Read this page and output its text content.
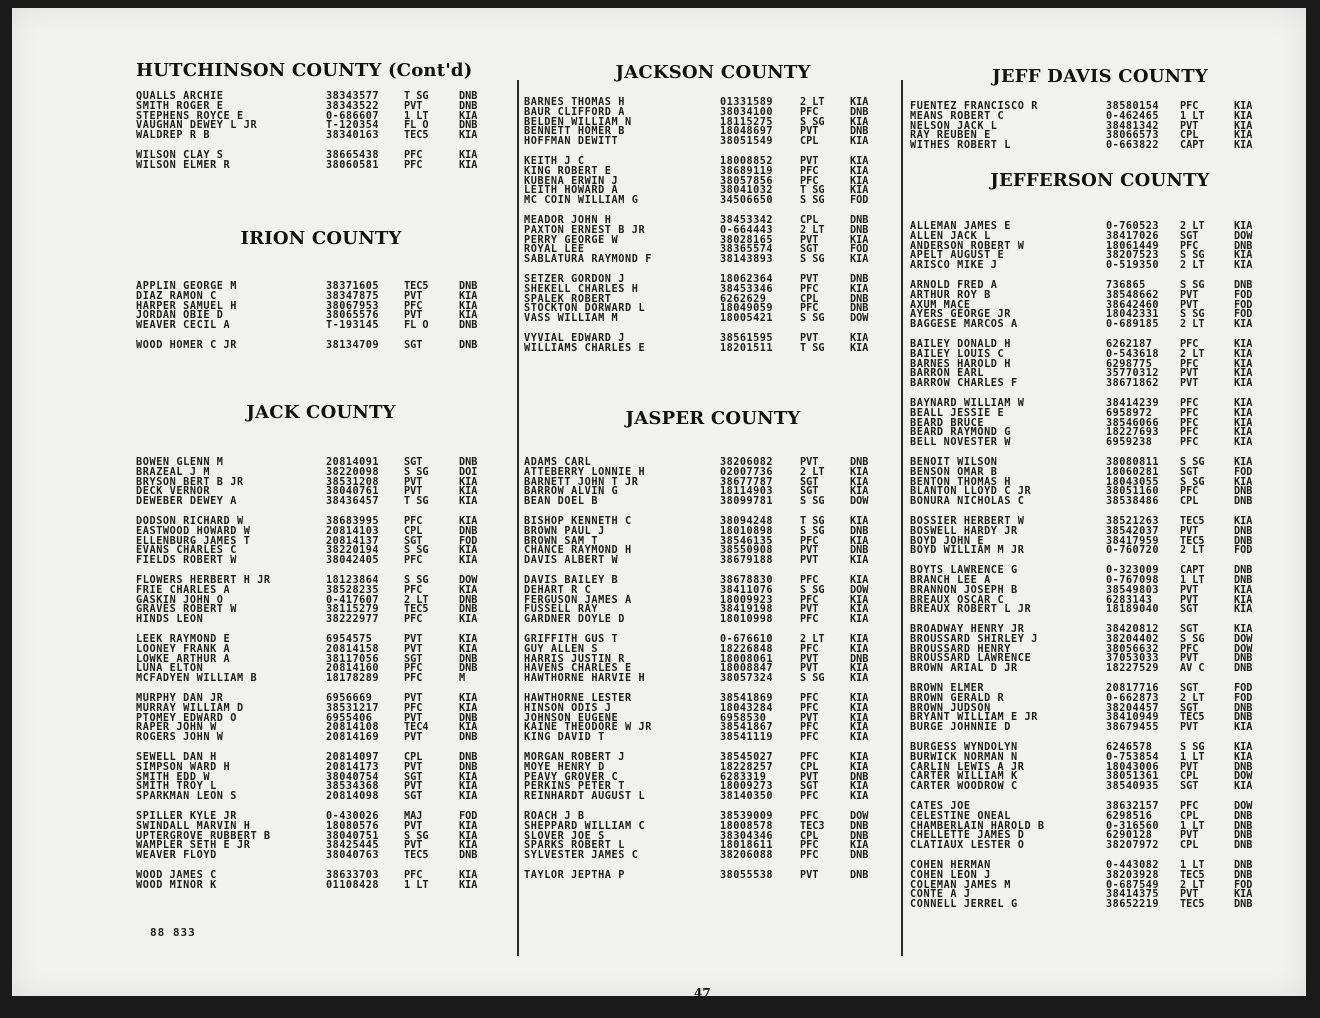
HUTCHINSON COUNTY (Cont'd)
QUALLS ARCHIE	38343577 T SG	DNB
SMITH ROGER E	38343522 PVT	DNB
STEPHENS ROYCE E	0-686607 1 LT	KIA
VAUGHAN DEWEY L JR	T-120354 FL O	DNB
WALDREP R B	38340163 TEC5	KIA
WILSON CLAY S	38665438 PFC	KIA
WILSON ELMER R	38060581 PFC	KIA
IRION COUNTY
APPLIN GEORGE M	38371605 TEC5	DNB
DIAZ RAMON C	38347875 PVT	KIA
HARPER SAMUEL H	38067953 PFC	KIA
JORDAN OBIE D	38065576 PVT	KIA
WEAVER CECIL A	T-193145 FL O	DNB
WOOD HOMER C JR	38134709 SGT	DNB
JACK COUNTY
BOWEN GLENN M	20814091 SGT	DNB
BRAZEAL J M	38220098 S SG	DOI
BRYSON BERT B JR	38531208 PVT	KIA
DECK VERNOR	38040761 PVT	KIA
DEWEBER DEWEY A	38436457 T SG	KIA
DODSON RICHARD W	38683995 PFC	KIA
EASTWOOD HOWARD W	20814103 CPL	DNB
ELLENBURG JAMES T	20814137 SGT	FOD
EVANS CHARLES C	38220194 S SG	KIA
FIELDS ROBERT W	38042405 PFC	KIA
FLOWERS HERBERT H JR	18123864 S SG	DOW
FRIE CHARLES A	38528235 PFC	KIA
GASKIN JOHN O	0-417607 2 LT	DNB
GRAVES ROBERT W	38115279 TEC5	DNB
HINDS LEON	38222977 PFC	KIA
LEEK RAYMOND E	6954575	PVT	KIA
LOONEY FRANK A	20814158 PVT	KIA
LOWKE ARTHUR A	38117056 SGT	DNB
LUNA ELTON	20814160 PFC	DNB
MCFADYEN WILLIAM B	18178289 PFC	M
MURPHY DAN JR	6956669	PVT	KIA
MURRAY WILLIAM D	38531217 PFC	KIA
PTOMEY EDWARD O	6955406	PVT	DNB
RAPER JOHN W	20814108 TEC4	KIA
ROGERS JOHN W	20814169 PVT	DNB
SEWELL DAN H	20814097 CPL	DNB
SIMPSON WARD H	20814173 PVT	DNB
SMITH EDD W	38040754 SGT	KIA
SMITH TROY L	38534368 PVT	KIA
SPARKMAN LEON S	20814098 SGT	KIA
SPILLER KYLE JR	0-430026 MAJ	FOD
SWINDALL MARVIN H	18080576 PVT	KIA
UPTERGROVE RUBBERT B	38040751 S SG	KIA
WAMPLER SETH E JR	38425445 PVT	KIA
WEAVER FLOYD	38040763 TEC5	DNB
WOOD JAMES C	38633703 PFC	KIA
WOOD MINOR K	01108428 1 LT	KIA
JACKSON COUNTY
BARNES THOMAS H	01331589	2 LT KIA
BAUR CLIFFORD A	38034100	PFC	DNB
BELDEN WILLIAM N	18115275	S SG KIA
BENNETT HOMER B	18048697	PVT	DNB
HOFFMAN DEWITT	38051549	CPL	KIA
KEITH J C	18008852	PVT	KIA
KING ROBERT E	38689119	PFC	KIA
KUBENA ERWIN J	38057856	PFC	KIA
LEITH HOWARD A	38041032	T SG KIA
MC COIN WILLIAM G	34506650	S SG FOD
MEADOR JOHN H	38453342	CPL	DNB
PAXTON ERNEST B JR	0-664443	2 LT DNB
PERRY GEORGE W	38028165	PVT	KIA
ROYAL LEE	38365574	SGT	FOD
SABLATURA RAYMOND F	38143893	S SG KIA
SETZER GORDON J	18062364	PVT	DNB
SHEKELL CHARLES H	38453346	PFC	KIA
SPALEK ROBERT	6262629	CPL	DNB
STOCKTON DORWARD L	18049059	PFC	DNB
VASS WILLIAM M	18005421	S SG DOW
VYVIAL EDWARD J	38561595	PVT	KIA
WILLIAMS CHARLES E	18201511	T SG KIA
JASPER COUNTY
ADAMS CARL	38206082	PVT	DNB
ATTEBERRY LONNIE H	02007736	2 LT KIA
BARNETT JOHN T JR	38677787	SGT	KIA
BARROW ALVIN G	18114903	SGT	KIA
BEAN DOEL B	38099781	S SG DOW
BISHOP KENNETH C	38094248	T SG KIA
BROWN PAUL J	18010898	S SG DNB
BROWN SAM T	38546135	PFC	KIA
CHANCE RAYMOND H	38550908	PVT	DNB
DAVIS ALBERT W	38679188	PVT	KIA
DAVIS BAILEY B	38678830	PFC	KIA
DEHART R C	38411076	S SG DOW
FERGUSON JAMES A	18009923	PFC	KIA
FUSSELL RAY	38419198	PVT	KIA
GARDNER DOYLE D	18010998	PFC	KIA
GRIFFITH GUS T	0-676610	2 LT KIA
GUY ALLEN S	18226848	PFC	KIA
HARRIS JUSTIN R	18008061	PVT	DNB
HAVENS CHARLES E	18008847	PVT	KIA
HAWTHORNE HARVIE H	38057324	S SG KIA
HAWTHORNE LESTER	38541869	PFC	KIA
HINSON ODIS J	18043284	PFC	KIA
JOHNSON EUGENE	6958530	PVT	KIA
KAINE THEODORE W JR	38541867	PFC	KIA
KING DAVID T	38541119	PFC	KIA
MORGAN ROBERT J	38545027	PFC	KIA
MOYE HENRY D	18228257	CPL	KIA
PEAVY GROVER C	6283319	PVT	DNB
PERKINS PETER T	18009273	SGT	KIA
REINHARDT AUGUST L	38140350	PFC	KIA
ROACH J B	38539009	PFC	DOW
SHEPPARD WILLIAM C	18008578	TEC3 DNB
SLOVER JOE S	38304346	CPL	DNB
SPARKS ROBERT L	18018611	PFC	KIA
SYLVESTER JAMES C	38206088	PFC	DNB
TAYLOR JEPTHA P	38055538	PVT	DNB
JEFF DAVIS COUNTY
FUENTEZ FRANCISCO R	38580154 PFC	KIA
MEANS ROBERT C	0-462465 1 LT	KIA
NELSON JACK L	38481342 PVT	KIA
RAY REUBEN E	38066573 CPL	KIA
WITHES ROBERT L	0-663822 CAPT	KIA
JEFFERSON COUNTY
ALLEMAN JAMES E	0-760523 2 LT	KIA
ALLEN JACK L	38417026 SGT	DOW
ANDERSON ROBERT W	18061449 PFC	DNB
APELT AUGUST E	38207523 S SG	KIA
ARISCO MIKE J	0-519350 2 LT	KIA
ARNOLD FRED A	736865	S SG	DNB
ARTHUR ROY B	38548662 PVT	FOD
AXUM MACE	38642460 PVT	FOD
AYERS GEORGE JR	18042331 S SG	FOD
BAGGESE MARCOS A	0-689185 2 LT	KIA
BAILEY DONALD H	6262187	PFC	KIA
BAILEY LOUIS C	0-543618 2 LT	KIA
BARNES HAROLD H	6298775	PFC	KIA
BARRON EARL	35770312 PVT	KIA
BARROW CHARLES F	38671862 PVT	KIA
BAYNARD WILLIAM W	38414239 PFC	KIA
BEALL JESSIE E	6958972	PFC	KIA
BEARD BRUCE	38546066 PFC	KIA
BEARD RAYMOND G	18227693 PFC	KIA
BELL NOVESTER W	6959238	PFC	KIA
BENOIT WILSON	38080811 S SG	KIA
BENSON OMAR B	18060281 SGT	FOD
BENTON THOMAS H	18043055 S SG	KIA
BLANTON LLOYD C JR	38051160 PFC	DNB
BONURA NICHOLAS C	38538486 CPL	DNB
BOSSIER HERBERT W	38521263 TEC5	KIA
BOSWELL HARDY JR	38542037 PVT	DNB
BOYD JOHN E	38417959 TEC5	DNB
BOYD WILLIAM M JR	0-760720 2 LT	FOD
BOYTS LAWRENCE G	0-323009 CAPT	DNB
BRANCH LEE A	0-767098 1 LT	DNB
BRANNON JOSEPH B	38549803 PVT	KIA
BREAUX OSCAR C	6283143	PVT	KIA
BREAUX ROBERT L JR	18189040 SGT	KIA
BROADWAY HENRY JR	38420812 SGT	KIA
BROUSSARD SHIRLEY J	38204402 S SG	DOW
BROUSSARD HENRY	38056632 PFC	DOW
BROUSSARD LAWRENCE	37053033 PVT	DNB
BROWN ARIAL D JR	18227529 AV C	DNB
BROWN ELMER	20817716 SGT	FOD
BROWN GERALD R	0-662873 2 LT	FOD
BROWN JUDSON	38204457 SGT	DNB
BRYANT WILLIAM E JR	38410949 TEC5	DNB
BURGE JOHNNIE D	38679455 PVT	KIA
BURGESS WYNDOLYN	6246578	S SG	KIA
BURWICK NORMAN N	0-753854 1 LT	KIA
CARLIN LEWIS A JR	18043006 PVT	DNB
CARTER WILLIAM K	38051361 CPL	DOW
CARTER WOODROW C	38540935 SGT	KIA
CATES JOE	38632157 PFC	DOW
CELESTINE ONEAL	6298516	CPL	DNB
CHAMBERLAIN HAROLD B	0-316560 1 LT	DNB
CHELLETTE JAMES D	6290128	PVT	DNB
CLATIAUX LESTER O	38207972 CPL	DNB
COHEN HERMAN	0-443082 1 LT	DNB
COHEN LEON J	38203928 TEC5	DNB
COLEMAN JAMES M	0-687549 2 LT	FOD
CONTE A J	38414375 PVT	KIA
CONNELL JERREL G	38652219 TEC5	DNB
88 833
47
